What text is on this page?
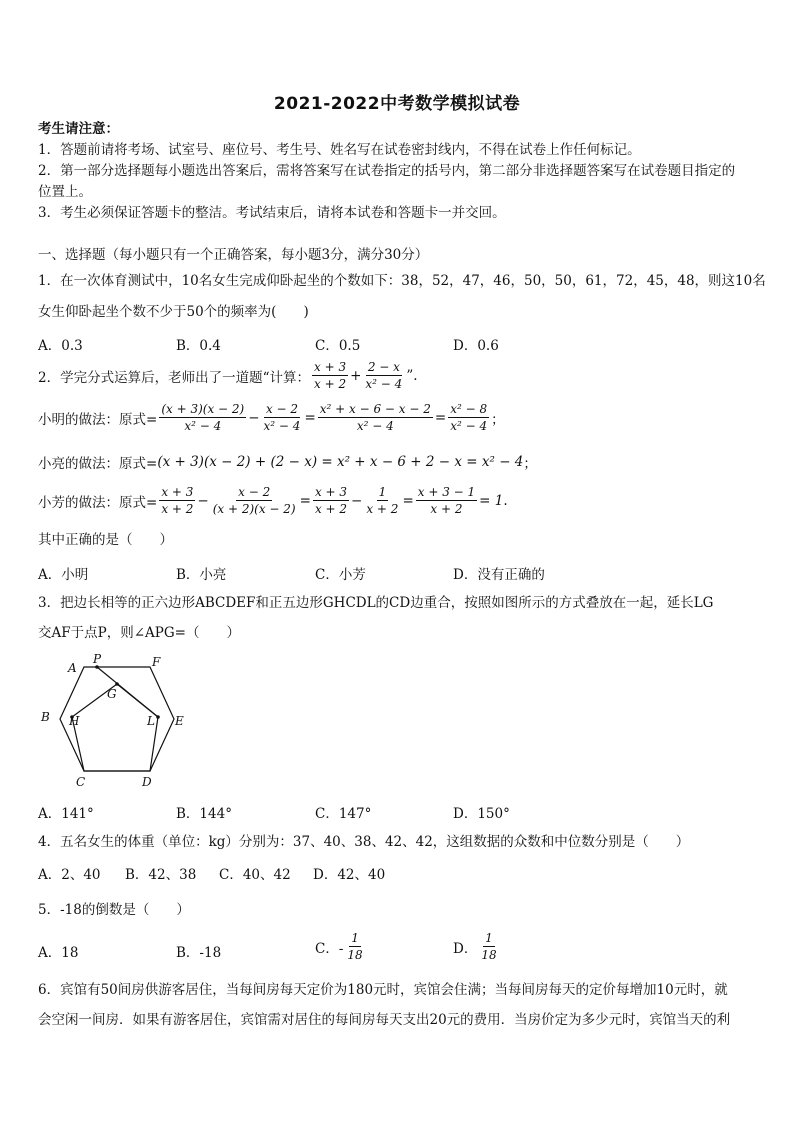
2021-2022中考数学模拟试卷
考生请注意：
1．答题前请将考场、试室号、座位号、考生号、姓名写在试卷密封线内，不得在试卷上作任何标记。
2．第一部分选择题每小题选出答案后，需将答案写在试卷指定的括号内，第二部分非选择题答案写在试卷题目指定的
位置上。
3．考生必须保证答题卡的整洁。考试结束后，请将本试卷和答题卡一并交回。
一、选择题（每小题只有一个正确答案，每小题3分，满分30分）
1．在一次体育测试中，10名女生完成仰卧起坐的个数如下：38，52，47，46，50，50，61，72，45，48，则这10名
女生仰卧起坐个数不少于50个的频率为(　　)
A．0.3	B．0.4	C．0.5	D．0.6
2．学完分式运算后，老师出了一道题“计算： $\frac{x + 3}{x + 2} + \frac{2 - x}{\text{x² − 4}}$ ”.
小明的做法：原式= $\frac{(x + 3)(x - 2)}{\text{x² − 4}} - \frac{x - 2}{\text{x² − 4}} = \frac{\text{x² + x − 6 − x − 2}}{\text{x² − 4}} = \frac{\text{x² − 8}}{\text{x² − 4}}$ ；
小亮的做法：原式= (x + 3)(x − 2) + (2 − x) = x² + x − 6 + 2 − x = x² − 4 ；
小芳的做法：原式= $\frac{x + 3}{x + 2} - \frac{x - 2}{(x + 2)(x - 2)} = \frac{x + 3}{x + 2} - \frac{1}{x + 2} = \frac{x + 3 - 1}{x + 2} = 1$ .
其中正确的是（　　）
A．小明	B．小亮	C．小芳	D．没有正确的
3．把边长相等的正六边形ABCDEF和正五边形GHCDL的CD边重合，按照如图所示的方式叠放在一起，延长LG
交AF于点P，则∠APG=（　　）
A
P	F
G
B H	L E
C	D
A．141°	B．144°	C．147°	D．150°
4．五名女生的体重（单位：kg）分别为：37、40、38、42、42，这组数据的众数和中位数分别是（　　）
A．2、40 B．42、38 C．40、42 D．42、40
5．-18的倒数是（　　）
A．18	B．-18	C．- $\frac{1}{18}$	D． $\frac{1}{18}$
6．宾馆有50间房供游客居住，当每间房每天定价为180元时，宾馆会住满；当每间房每天的定价每增加10元时，就
会空闲一间房．如果有游客居住，宾馆需对居住的每间房每天支出20元的费用．当房价定为多少元时，宾馆当天的利
